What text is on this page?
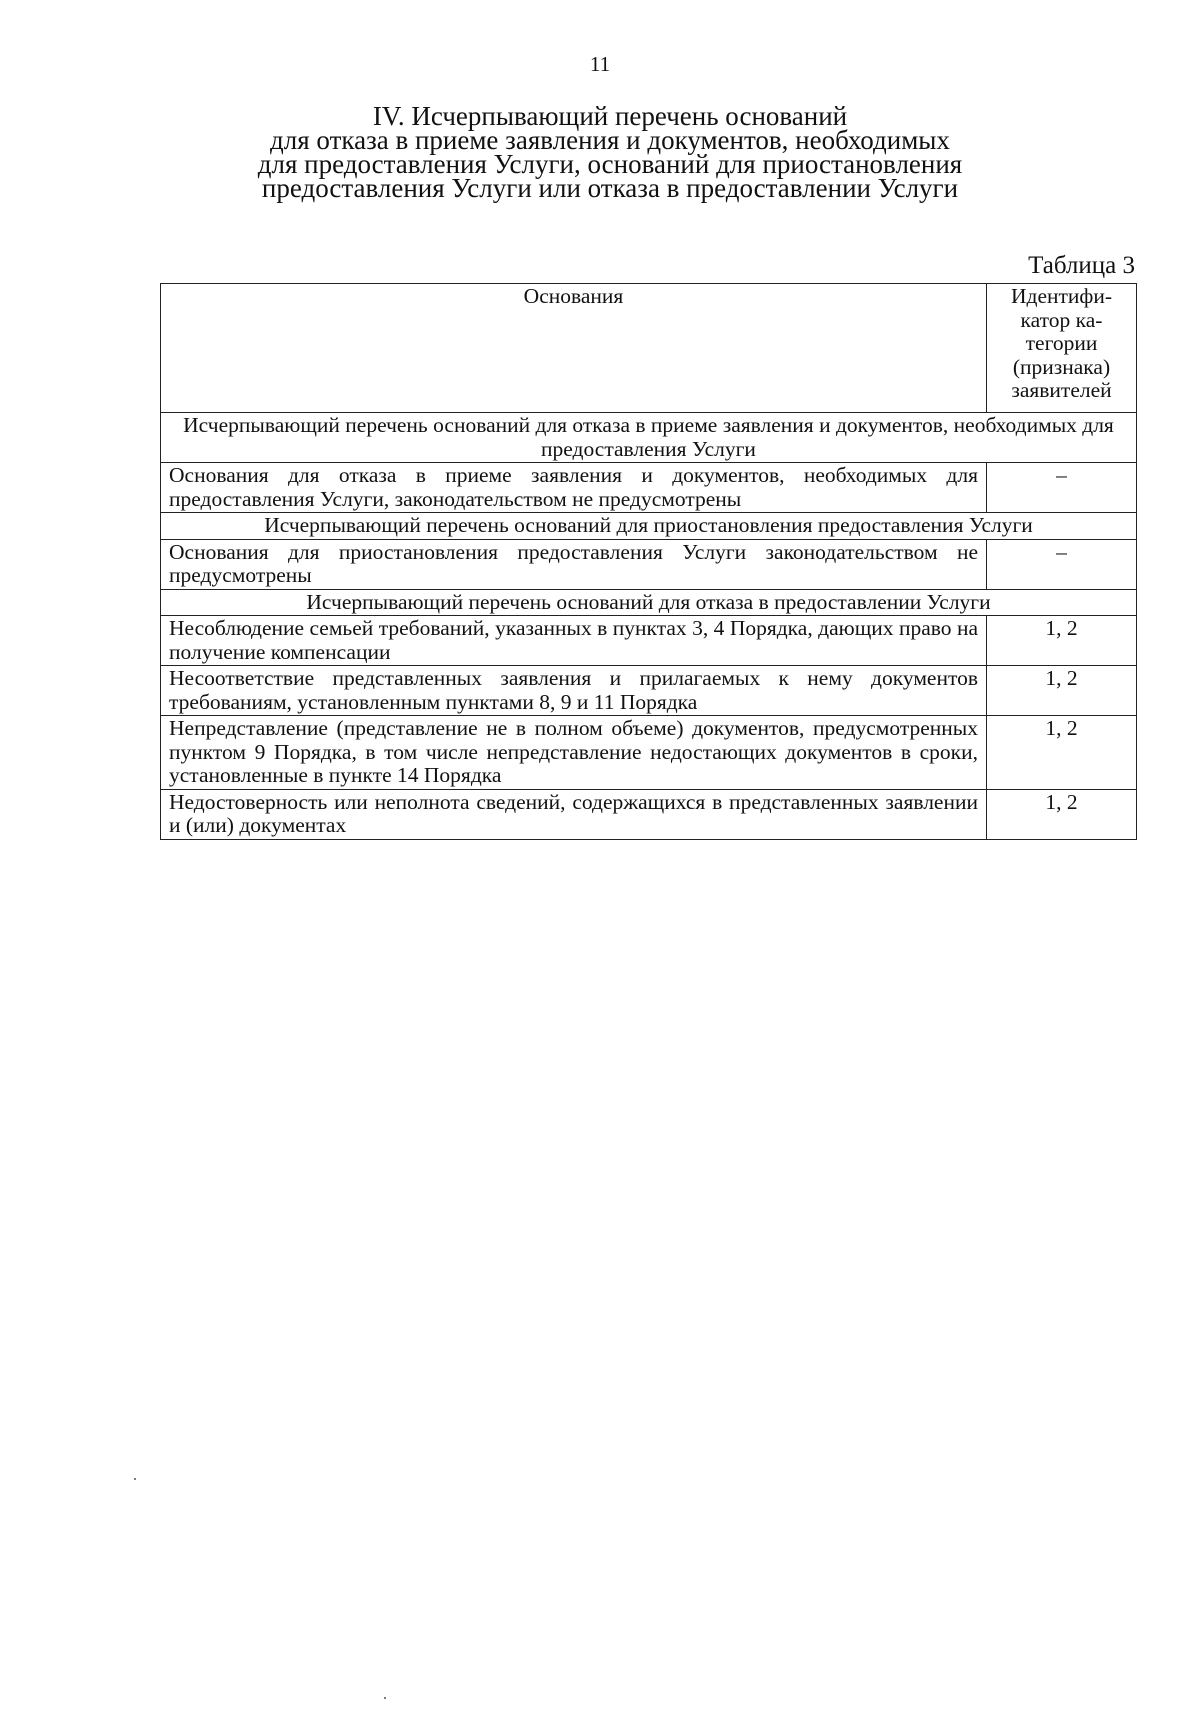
11
IV. Исчерпывающий перечень оснований
для отказа в приеме заявления и документов, необходимых
для предоставления Услуги, оснований для приостановления
предоставления Услуги или отказа в предоставлении Услуги
Таблица 3
Основания	Идентифи-катор ка-тегории (признака) заявителей
Исчерпывающий перечень оснований для отказа в приеме заявления и документов, необходимых для предоставления Услуги	
Основания для отказа в приеме заявления и документов, необходимых для предоставления Услуги, законодательством не предусмотрены	–
Исчерпывающий перечень оснований для приостановления предоставления Услуги	
Основания для приостановления предоставления Услуги законодательством не предусмотрены	–
Исчерпывающий перечень оснований для отказа в предоставлении Услуги	
Несоблюдение семьей требований, указанных в пунктах 3, 4 Порядка, дающих право на получение компенсации	1, 2
Несоответствие представленных заявления и прилагаемых к нему документов требованиям, установленным пунктами 8, 9 и 11 Порядка	1, 2
Непредставление (представление не в полном объеме) документов, предусмотренных пунктом 9 Порядка, в том числе непредставление недостающих документов в сроки, установленные в пункте 14 Порядка	1, 2
Недостоверность или неполнота сведений, содержащихся в представленных заявлении и (или) документах	1, 2
